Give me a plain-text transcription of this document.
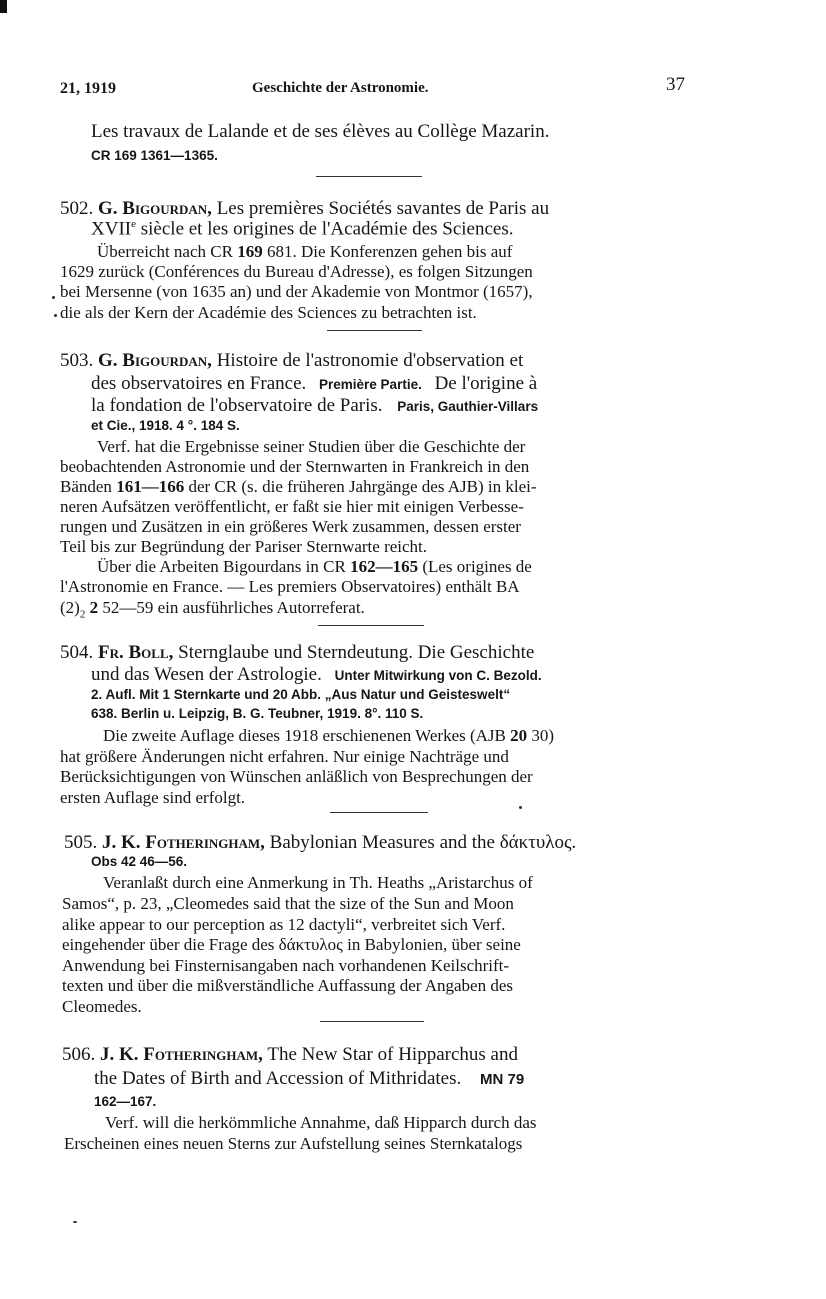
21, 1919	Geschichte der Astronomie.	37
Les travaux de Lalande et de ses élèves au Collège Mazarin.
CR 169 1361—1365.
502. G. Bigourdan, Les premières Sociétés savantes de Paris au
XVIIe siècle et les origines de l'Académie des Sciences.
Überreicht nach CR 169 681. Die Konferenzen gehen bis auf
1629 zurück (Conférences du Bureau d'Adresse), es folgen Sitzungen
bei Mersenne (von 1635 an) und der Akademie von Montmor (1657),
die als der Kern der Académie des Sciences zu betrachten ist.
503. G. Bigourdan, Histoire de l'astronomie d'observation et
des observatoires en France. Première Partie. De l'origine à
la fondation de l'observatoire de Paris. Paris, Gauthier-Villars
et Cie., 1918. 4 °. 184 S.
Verf. hat die Ergebnisse seiner Studien über die Geschichte der
beobachtenden Astronomie und der Sternwarten in Frankreich in den
Bänden 161—166 der CR (s. die früheren Jahrgänge des AJB) in klei-
neren Aufsätzen veröffentlicht, er faßt sie hier mit einigen Verbesse-
rungen und Zusätzen in ein größeres Werk zusammen, dessen erster
Teil bis zur Begründung der Pariser Sternwarte reicht.
Über die Arbeiten Bigourdans in CR 162—165 (Les origines de
l'Astronomie en France. — Les premiers Observatoires) enthält BA
$(2)_2$ 2 52—59 ein ausführliches Autorreferat.
504. Fr. Boll, Sternglaube und Sterndeutung. Die Geschichte
und das Wesen der Astrologie. Unter Mitwirkung von C. Bezold.
2. Aufl. Mit 1 Sternkarte und 20 Abb. „Aus Natur und Geisteswelt“
638. Berlin u. Leipzig, B. G. Teubner, 1919. 8°. 110 S.
Die zweite Auflage dieses 1918 erschienenen Werkes (AJB 20 30)
hat größere Änderungen nicht erfahren. Nur einige Nachträge und
Berücksichtigungen von Wünschen anläßlich von Besprechungen der
ersten Auflage sind erfolgt.
505. J. K. Fotheringham, Babylonian Measures and the δάκτυλος.
Obs 42 46—56.
Veranlaßt durch eine Anmerkung in Th. Heaths „Aristarchus of
Samos“, p. 23, „Cleomedes said that the size of the Sun and Moon
alike appear to our perception as 12 dactyli“, verbreitet sich Verf.
eingehender über die Frage des δάκτυλος in Babylonien, über seine
Anwendung bei Finsternisangaben nach vorhandenen Keilschrift-
texten und über die mißverständliche Auffassung der Angaben des
Cleomedes.
506. J. K. Fotheringham, The New Star of Hipparchus and
the Dates of Birth and Accession of Mithridates. MN 79
162—167.
Verf. will die herkömmliche Annahme, daß Hipparch durch das
Erscheinen eines neuen Sterns zur Aufstellung seines Sternkatalogs
